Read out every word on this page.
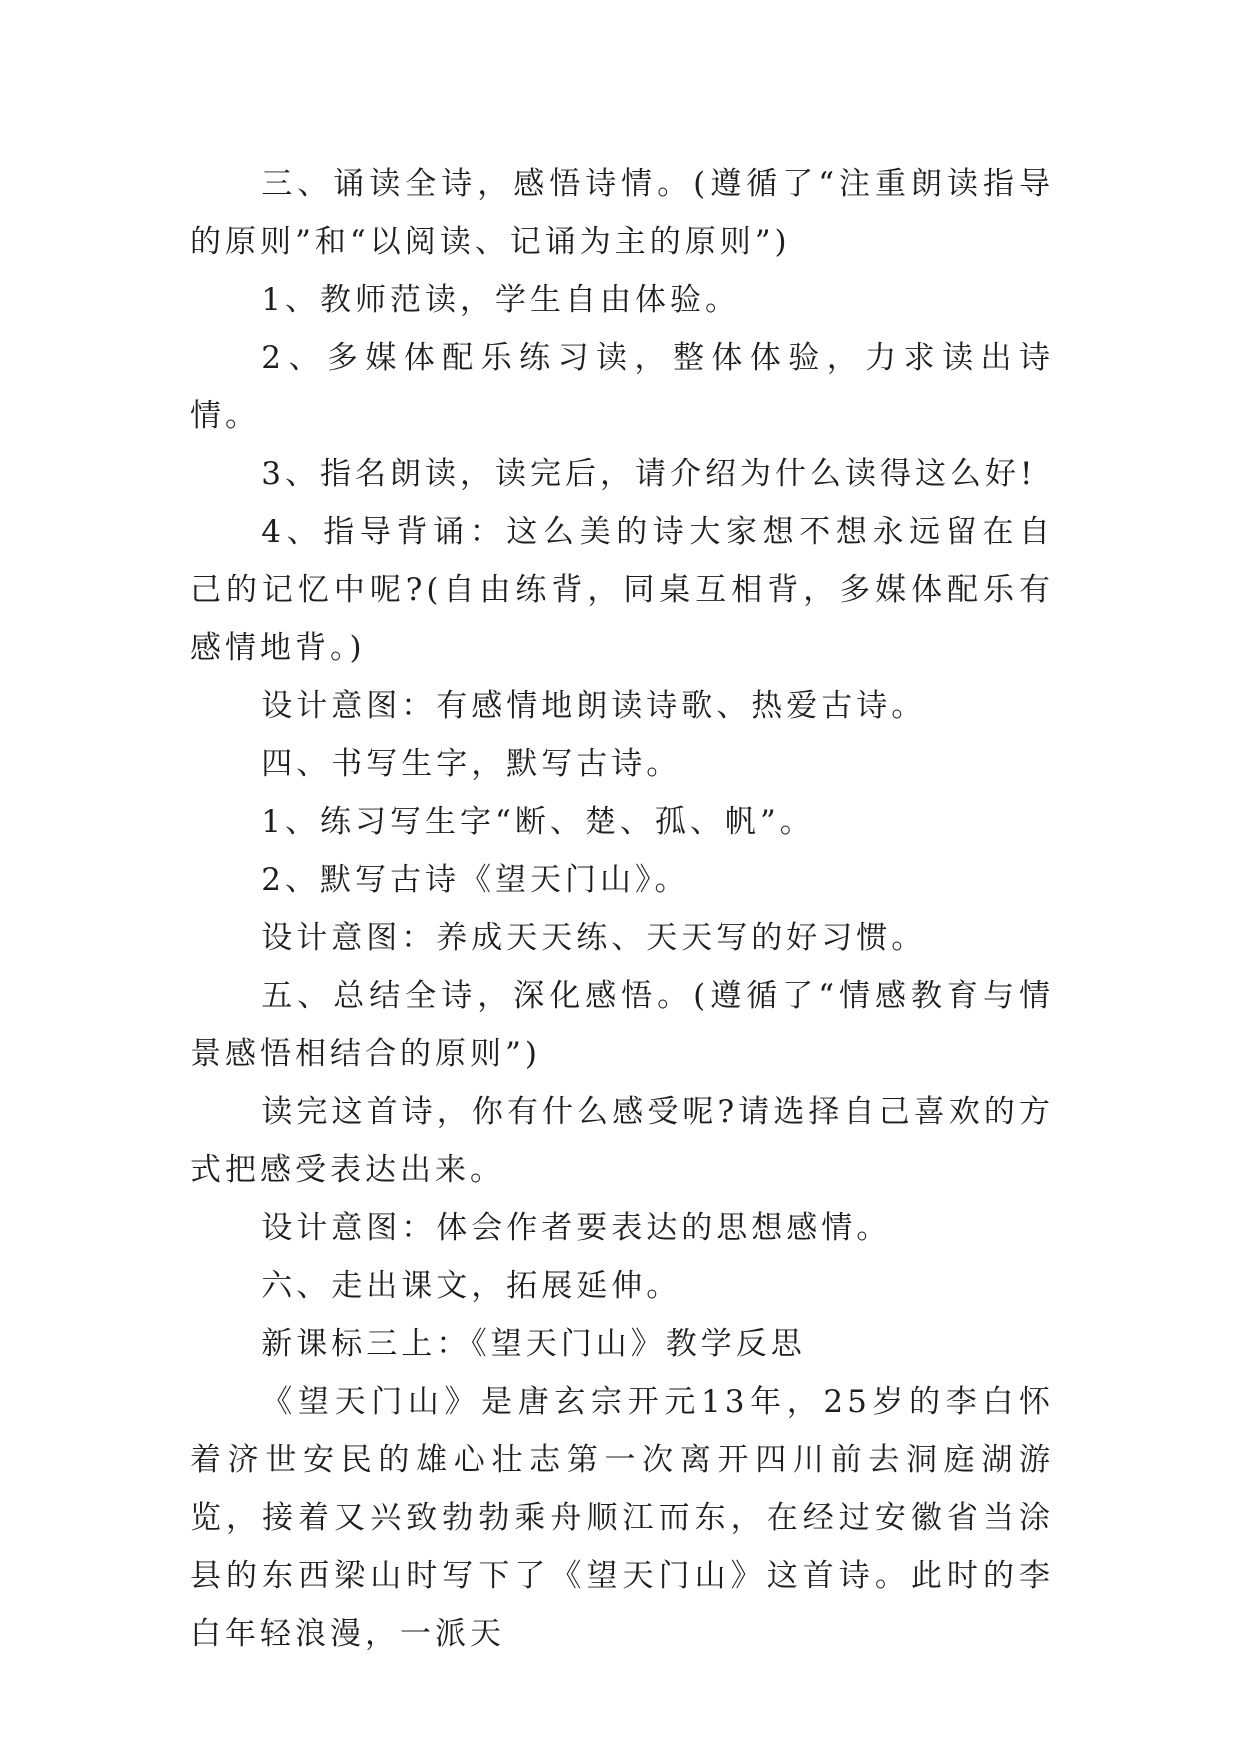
三、诵读全诗，感悟诗情。(遵循了“注重朗读指导的原则”和“以阅读、记诵为主的原则”)

1、教师范读，学生自由体验。

2、多媒体配乐练习读，整体体验，力求读出诗情。

3、指名朗读，读完后，请介绍为什么读得这么好!

4、指导背诵：这么美的诗大家想不想永远留在自己的记忆中呢?(自由练背，同桌互相背，多媒体配乐有感情地背。)

设计意图：有感情地朗读诗歌、热爱古诗。

四、书写生字，默写古诗。

1、练习写生字“断、楚、孤、帆”。

2、默写古诗《望天门山》。

设计意图：养成天天练、天天写的好习惯。

五、总结全诗，深化感悟。(遵循了“情感教育与情景感悟相结合的原则”)

读完这首诗，你有什么感受呢?请选择自己喜欢的方式把感受表达出来。

设计意图：体会作者要表达的思想感情。

六、走出课文，拓展延伸。

新课标三上：《望天门山》教学反思

《望天门山》是唐玄宗开元13年，25岁的李白怀着济世安民的雄心壮志第一次离开四川前去洞庭湖游览，接着又兴致勃勃乘舟顺江而东，在经过安徽省当涂县的东西梁山时写下了《望天门山》这首诗。此时的李白年轻浪漫，一派天
